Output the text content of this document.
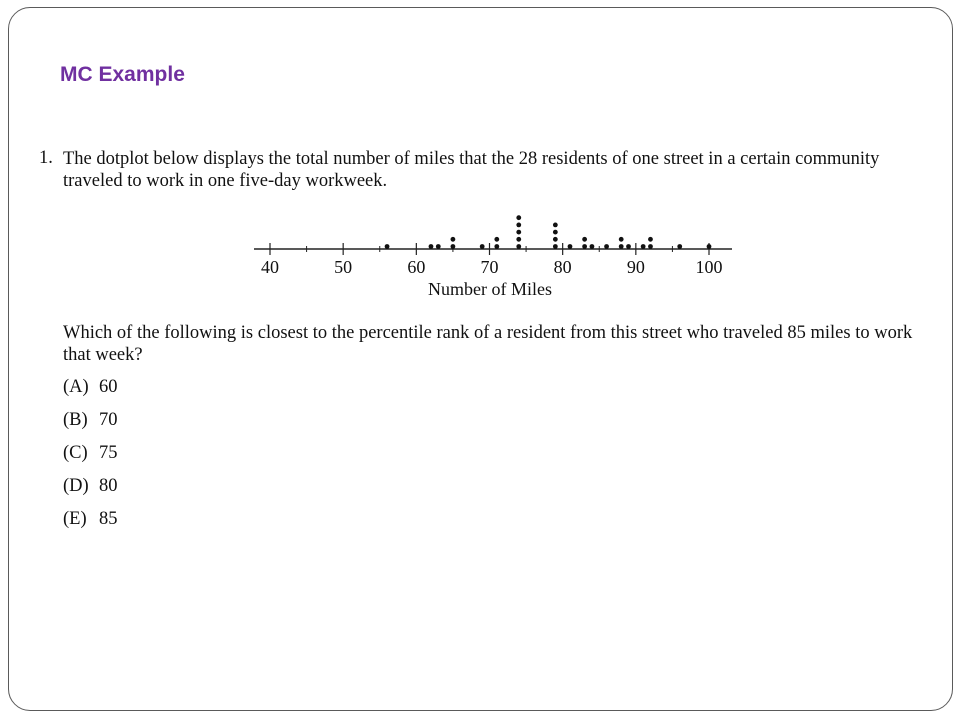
MC Example
1. The dotplot below displays the total number of miles that the 28 residents of one street in a certain community traveled to work in one five-day workweek.

40	50	60	70	80	90	100
Number of Miles

Which of the following is closest to the percentile rank of a resident from this street who traveled 85 miles to work that week?

(A) 60
(B) 70
(C) 75
(D) 80
(E) 85
